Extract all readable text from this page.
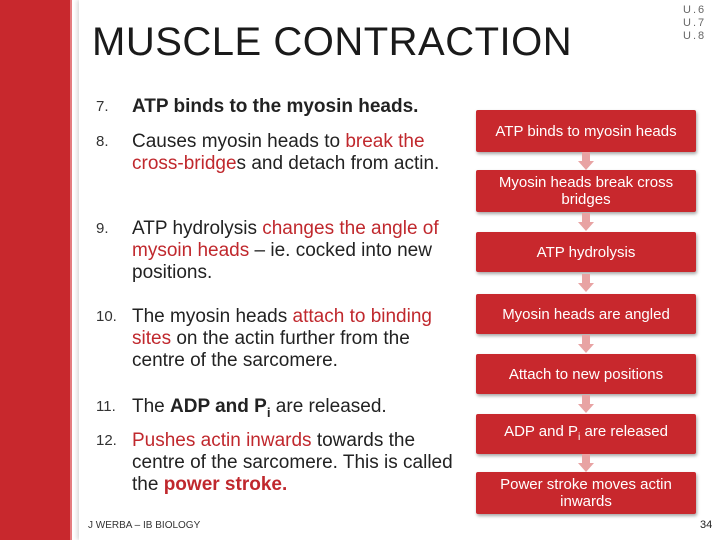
MUSCLE CONTRACTION
U.6
U.7
U.8
7.	ATP binds to the myosin heads.
8.	Causes myosin heads to break the cross-bridges and detach from actin.
9.	ATP hydrolysis changes the angle of mysoin heads – ie. cocked into new positions.
10. The myosin heads attach to binding sites on the actin further from the centre of the sarcomere.
11. The ADP and $P_i$ are released.
12. Pushes actin inwards towards the centre of the sarcomere. This is called the power stroke.
ATP binds to myosin heads
Myosin heads break cross bridges
ATP hydrolysis
Myosin heads are angled
Attach to new positions
ADP and $P_i$ are released
Power stroke moves actin inwards
J WERBA – IB BIOLOGY	34
